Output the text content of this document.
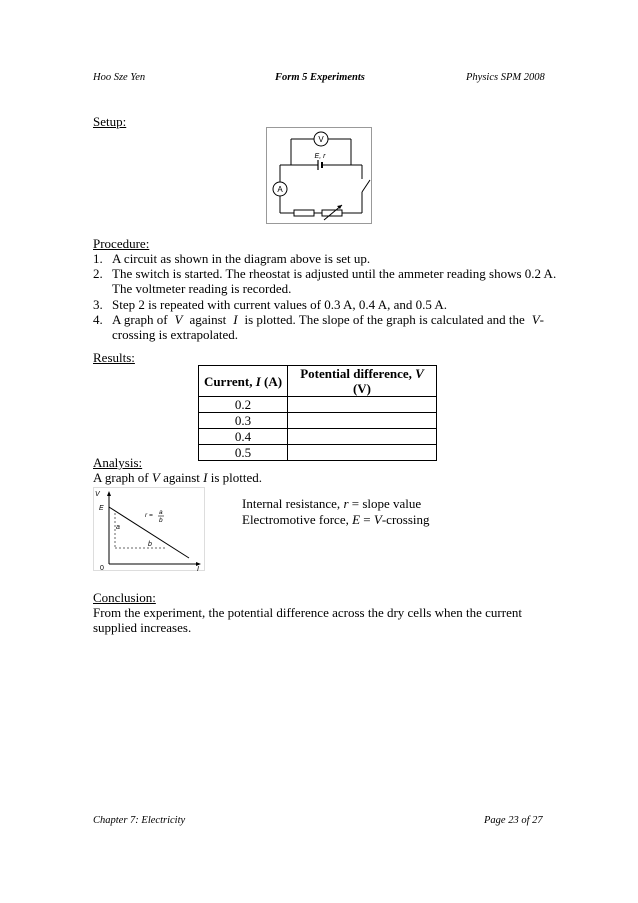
Hoo Sze Yen	Form 5 Experiments	Physics SPM 2008
Setup:
V
E, r
A
Procedure:
1. A circuit as shown in the diagram above is set up.
2. The switch is started. The rheostat is adjusted until the ammeter reading shows 0.2 A.
The voltmeter reading is recorded.
3. Step 2 is repeated with current values of 0.3 A, 0.4 A, and 0.5 A.
4. A graph of V against I is plotted. The slope of the graph is calculated and the V-
crossing is extrapolated.
Results:
Current, I (A)	Potential difference, V (V)
0.2	
0.3	
0.4	
0.5	
Analysis:
A graph of V against I is plotted.
V
I
0
E
a
b
r = a
b
Internal resistance, r = slope value
Electromotive force, E = V-crossing
Conclusion:
From the experiment, the potential difference across the dry cells when the current
supplied increases.
Chapter 7: Electricity	Page 23 of 27
